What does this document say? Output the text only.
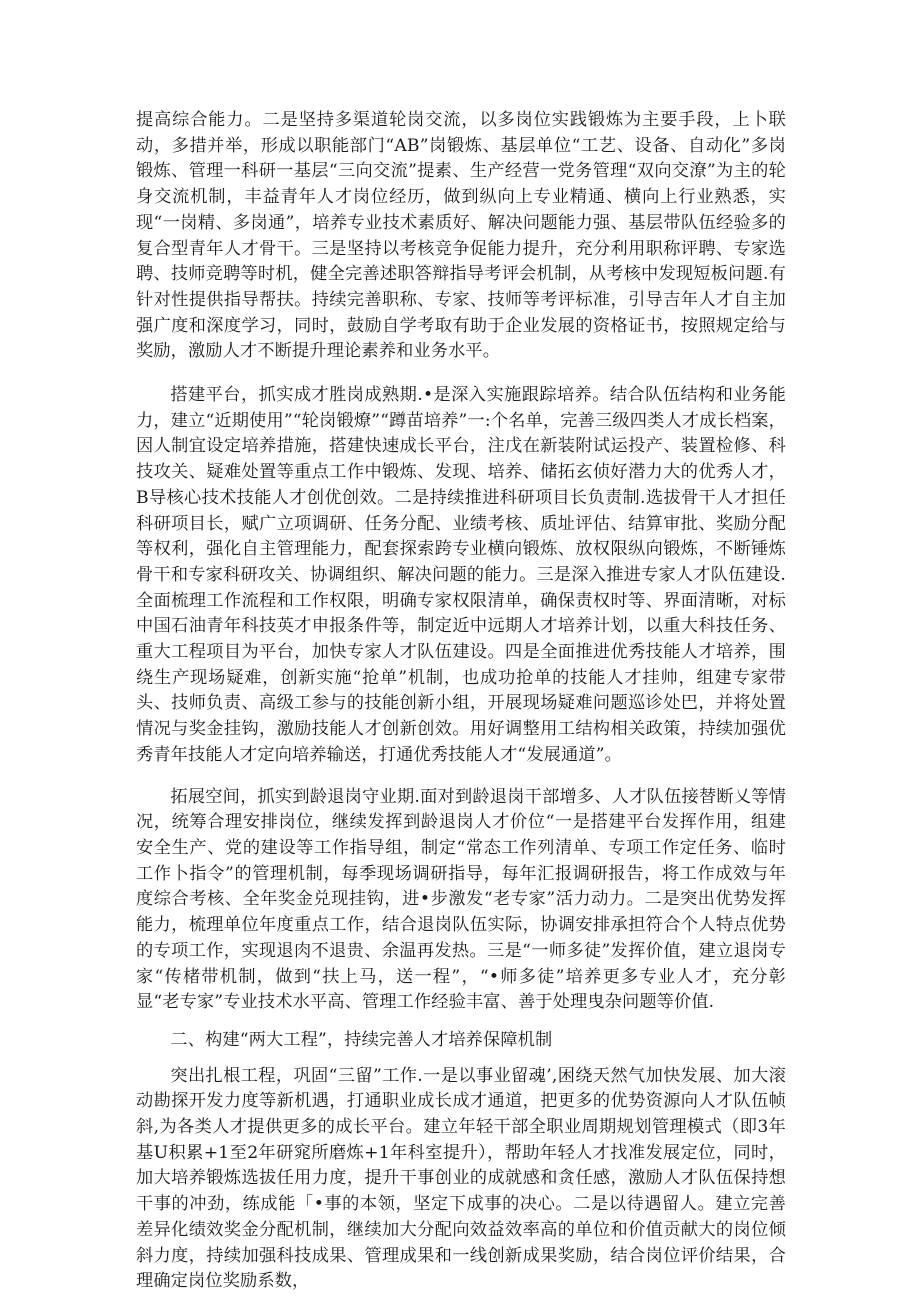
提高综合能力。二是坚持多渠道轮岗交流，以多岗位实践锻炼为主要手段，上卜联动，多措并举，形成以职能部门“AB”岗锻炼、基层单位“工艺、设备、自动化”多岗锻炼、管理一科研一基层“三向交流”提素、生产经营一党务管理“双向交潦”为主的轮身交流机制，丰益青年人才岗位经历，做到纵向上专业精通、横向上行业熟悉，实现“一岗精、多岗通”，培养专业技术素质好、解决问题能力强、基层带队伍经验多的复合型青年人才骨干。三是坚持以考核竞争促能力提升，充分利用职称评聘、专家选聘、技师竞聘等时机，健全完善述职答辩指导考评会机制，从考核中发现短板问题.有针对性提供指导帮扶。持续完善职称、专家、技师等考评标准，引导吉年人才自主加强广度和深度学习，同时，鼓励自学考取有助于企业发展的资格证书，按照规定给与奖励，激励人才不断提升理论素养和业务水平。

搭建平台，抓实成才胜岗成熟期.•是深入实施跟踪培养。结合队伍结构和业务能力，建立“近期使用”“轮岗锻燎”“蹲苗培养”一:个名单，完善三级四类人才成长档案，因人制宜设定培养措施，搭建快速成长平台，注戊在新装附试运投产、装置检修、科技攻关、疑难处置等重点工作中锻炼、发现、培养、储拓玄侦好潜力大的优秀人才，B导核心技术技能人才创优创效。二是持续推进科研项目长负责制.选拔骨干人才担任科研项目长，赋广立项调研、任务分配、业绩考核、质址评估、结算审批、奖励分配等权利，强化自主管理能力，配套探索跨专业横向锻炼、放权限纵向锻炼，不断锤炼骨干和专家科研攻关、协调组织、解决问题的能力。三是深入推进专家人才队伍建设.全面梳理工作流程和工作权限，明确专家权限清单，确保责权时等、界面清晰，对标中国石油青年科技英才申报条件等，制定近中远期人才培养计划，以重大科技任务、重大工程项目为平台，加快专家人才队伍建设。四是全面推进优秀技能人才培养，围绕生产现场疑难，创新实施“抢单”机制，也成功抢单的技能人才挂帅，组建专家带头、技师负责、高级工参与的技能创新小组，开展现场疑难问题巡诊处巴，并将处置情况与奖金挂钩，激励技能人才创新创效。用好调整用工结构相关政策，持续加强优秀青年技能人才定向培养输送，打通优秀技能人才“发展通道”。

拓展空间，抓实到龄退岗守业期.面对到龄退岗干部增多、人才队伍接替断乂等情况，统筹合理安排岗位，继续发挥到龄退岗人才价位“一是搭建平台发挥作用，组建安全生产、党的建设等工作指导组，制定“常态工作列清单、专项工作定任务、临时工作卜指令”的管理机制，每季现场调研指导，每年汇报调研报告，将工作成效与年度综合考核、全年奖金兑现挂钩，进•步激发“老专家”活力动力。二是突出优势发挥能力，梳理单位年度重点工作，结合退岗队伍实际，协调安排承担符合个人特点优势的专项工作，实现退肉不退贵、余温再发热。三是“一师多徒”发挥价值，建立退岗专家“传楮带机制，做到“扶上马，送一程”，“•师多徒”培养更多专业人才，充分彰显“老专家”专业技术水平高、管理工作经验丰富、善于处理曳杂问题等价值.

二、构建“两大工程”，持续完善人才培养保障机制

突出扎根工程，巩固“三留”工作.一是以事业留魂’,困绕天然气加快发展、加大滚动勘探开发力度等新机遇，打通职业成长成才通道，把更多的优势资源向人才队伍帧斜,为各类人才提供更多的成长平台。建立年轻干部全职业周期规划管理模式（即3年基U积累+1至2年研窕所磨炼+1年科室提升），帮助年轻人才找准发展定位，同时，加大培养锻炼选拔任用力度，提升干事创业的成就感和贪任感，激励人才队伍保持想干事的冲劲，练成能「•事的本领，坚定下成事的决心。二是以待遇留人。建立完善差异化绩效奖金分配机制，继续加大分配向效益效率高的单位和价值贡献大的岗位倾斜力度，持续加强科技成果、管理成果和一线创新成果奖励，结合岗位评价结果，合理确定岗位奖励系数，
